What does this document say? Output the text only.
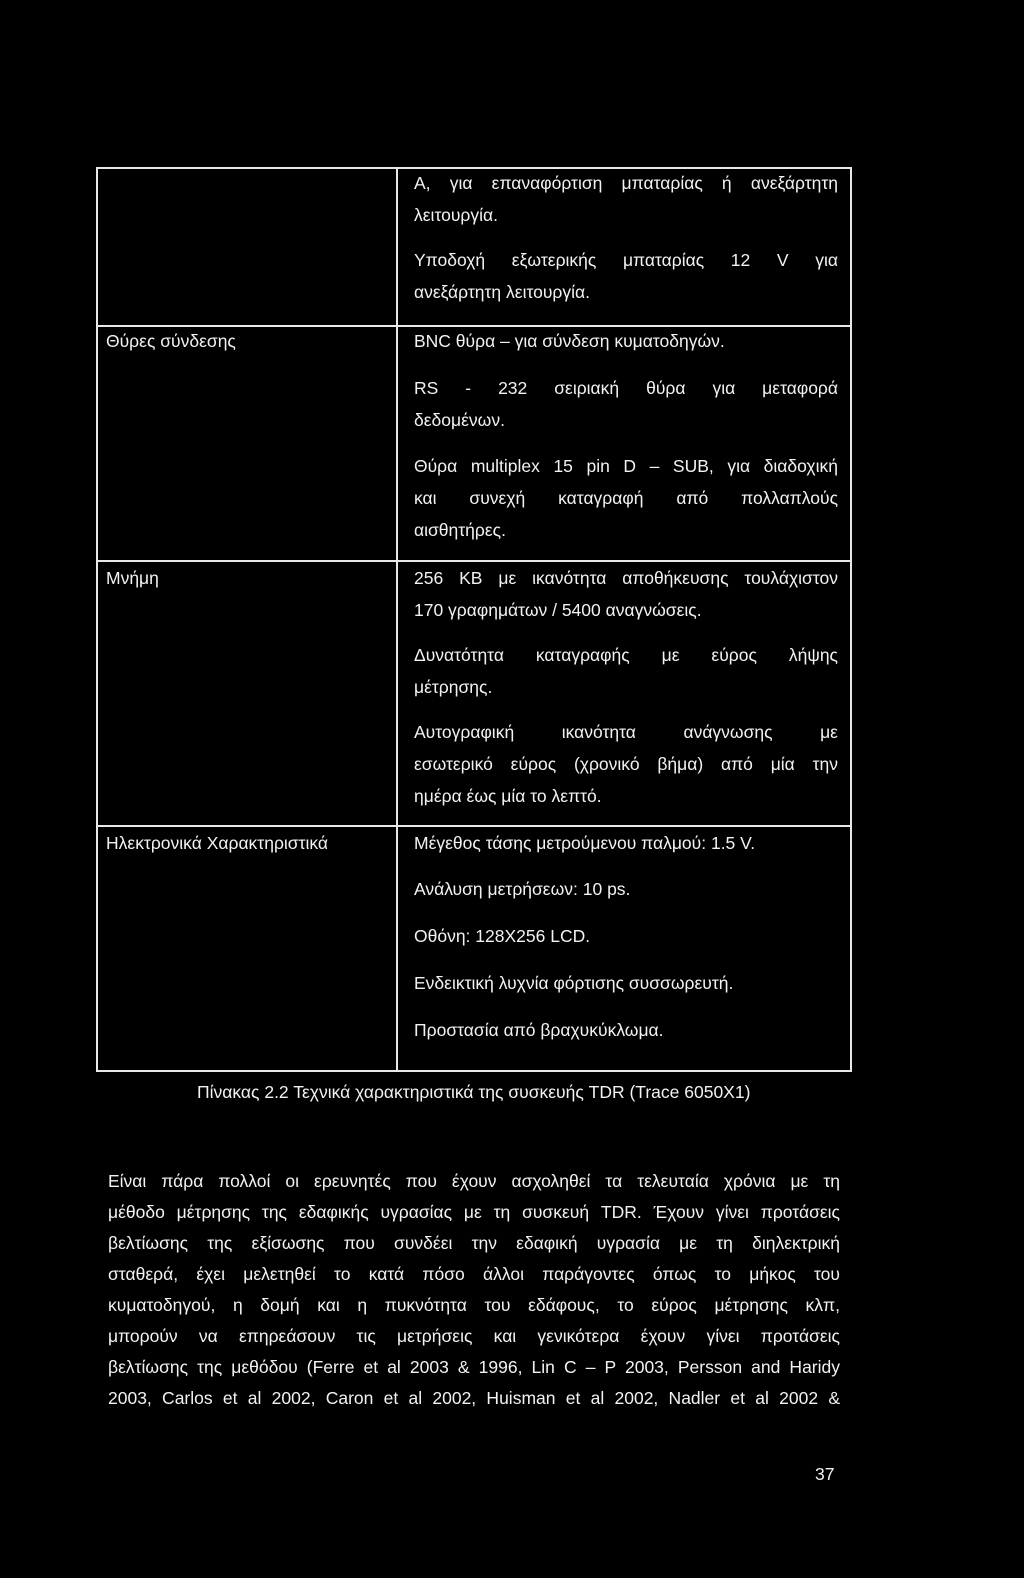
Α, για επαναφόρτιση μπαταρίας ή ανεξάρτητη
λειτουργία.
Υποδοχή εξωτερικής μπαταρίας 12 V για
ανεξάρτητη λειτουργία.
Θύρες σύνδεσης	BNC θύρα – για σύνδεση κυματοδηγών.
RS - 232 σειριακή θύρα για μεταφορά
δεδομένων.
Θύρα multiplex 15 pin D – SUB, για διαδοχική
και συνεχή καταγραφή από πολλαπλούς
αισθητήρες.
Μνήμη	256 KB με ικανότητα αποθήκευσης τουλάχιστον
170 γραφημάτων / 5400 αναγνώσεις.
Δυνατότητα καταγραφής με εύρος λήψης
μέτρησης.
Αυτογραφική ικανότητα ανάγνωσης με
εσωτερικό εύρος (χρονικό βήμα) από μία την
ημέρα έως μία το λεπτό.
Ηλεκτρονικά Χαρακτηριστικά	Μέγεθος τάσης μετρούμενου παλμού: 1.5 V.
Ανάλυση μετρήσεων: 10 ps.
Οθόνη: 128X256 LCD.
Ενδεικτική λυχνία φόρτισης συσσωρευτή.
Προστασία από βραχυκύκλωμα.
Πίνακας 2.2 Τεχνικά χαρακτηριστικά της συσκευής TDR (Trace 6050X1)
Είναι πάρα πολλοί οι ερευνητές που έχουν ασχοληθεί τα τελευταία χρόνια με τη
μέθοδο μέτρησης της εδαφικής υγρασίας με τη συσκευή TDR. Έχουν γίνει προτάσεις
βελτίωσης της εξίσωσης που συνδέει την εδαφική υγρασία με τη διηλεκτρική
σταθερά, έχει μελετηθεί το κατά πόσο άλλοι παράγοντες όπως το μήκος του
κυματοδηγού, η δομή και η πυκνότητα του εδάφους, το εύρος μέτρησης κλπ,
μπορούν να επηρεάσουν τις μετρήσεις και γενικότερα έχουν γίνει προτάσεις
βελτίωσης της μεθόδου (Ferre et al 2003 & 1996, Lin C – P 2003, Persson and Haridy
2003, Carlos et al 2002, Caron et al 2002, Huisman et al 2002, Nadler et al 2002 &
37
